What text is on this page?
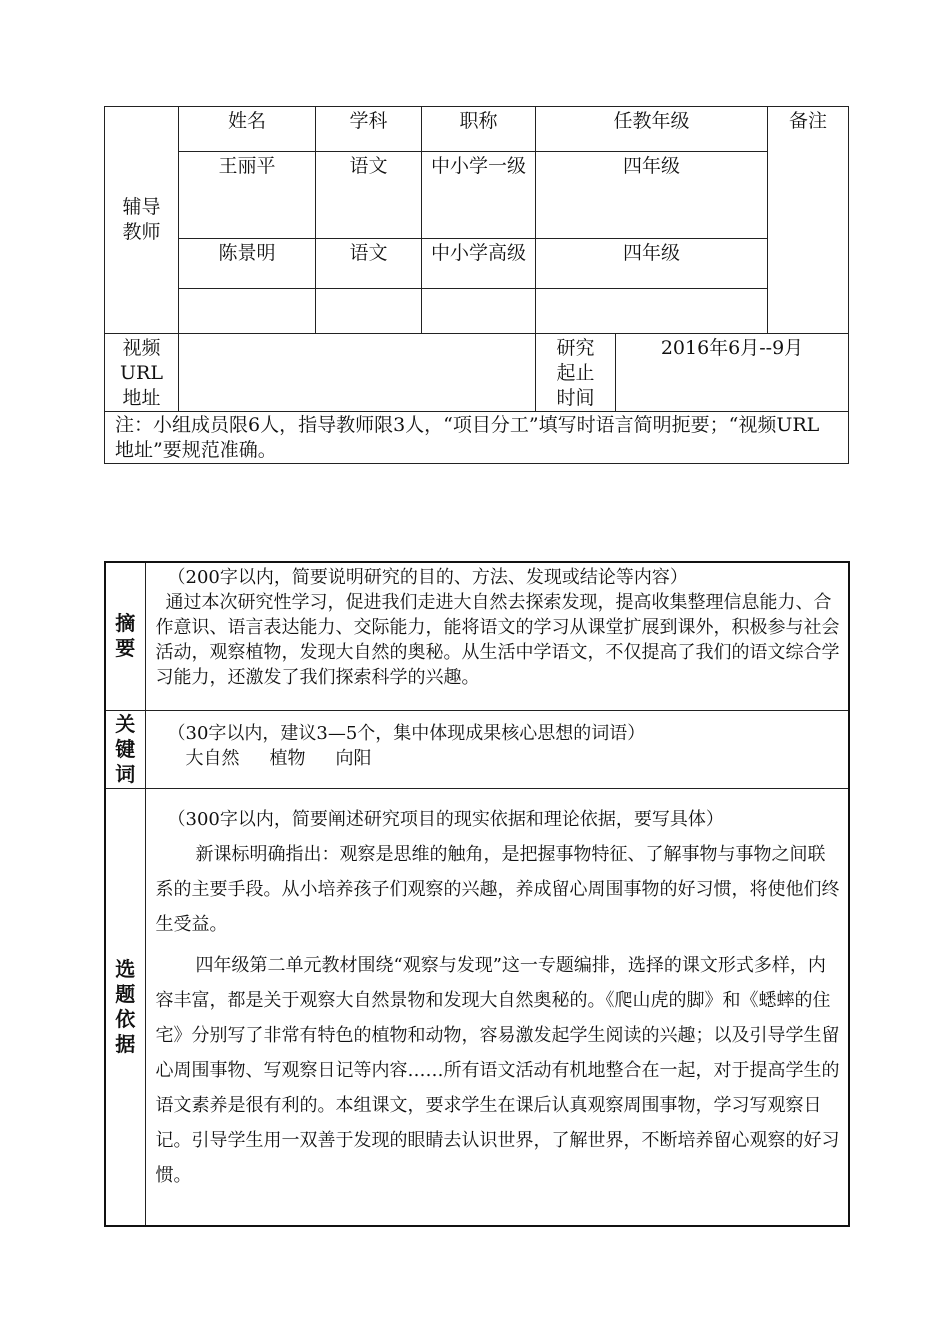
辅导
教师	姓名	学科	职称	任教年级		备注
	王丽平	语文	中小学一级	四年级		
	陈景明	语文	中小学高级	四年级		

视频URL地址				研究起止时间	2016年6月--9月	
注：小组成员限6人，指导教师限3人，“项目分工”填写时语言简明扼要；“视频URL地址”要规范准确。						
摘要	（200字以内，简要说明研究的目的、方法、发现或结论等内容）

通过本次研究性学习，促进我们走进大自然去探索发现，提高收集整理信息能力、合作意识、语言表达能力、交际能力，能将语文的学习从课堂扩展到课外，积极参与社会活动，观察植物，发现大自然的奥秘。从生活中学语文，不仅提高了我们的语文综合学习能力，还激发了我们探索科学的兴趣。

关键词	（30字以内，建议3—5个，集中体现成果核心思想的词语）

大自然 植物 向阳

选题依据	（300字以内，简要阐述研究项目的现实依据和理论依据，要写具体）

新课标明确指出：观察是思维的触角，是把握事物特征、了解事物与事物之间联系的主要手段。从小培养孩子们观察的兴趣，养成留心周围事物的好习惯，将使他们终生受益。

四年级第二单元教材围绕“观察与发现”这一专题编排，选择的课文形式多样，内容丰富，都是关于观察大自然景物和发现大自然奥秘的。《爬山虎的脚》和《蟋蟀的住宅》分别写了非常有特色的植物和动物，容易激发起学生阅读的兴趣；以及引导学生留心周围事物、写观察日记等内容……所有语文活动有机地整合在一起，对于提高学生的语文素养是很有利的。本组课文，要求学生在课后认真观察周围事物，学习写观察日记。引导学生用一双善于发现的眼睛去认识世界，了解世界，不断培养留心观察的好习惯。
